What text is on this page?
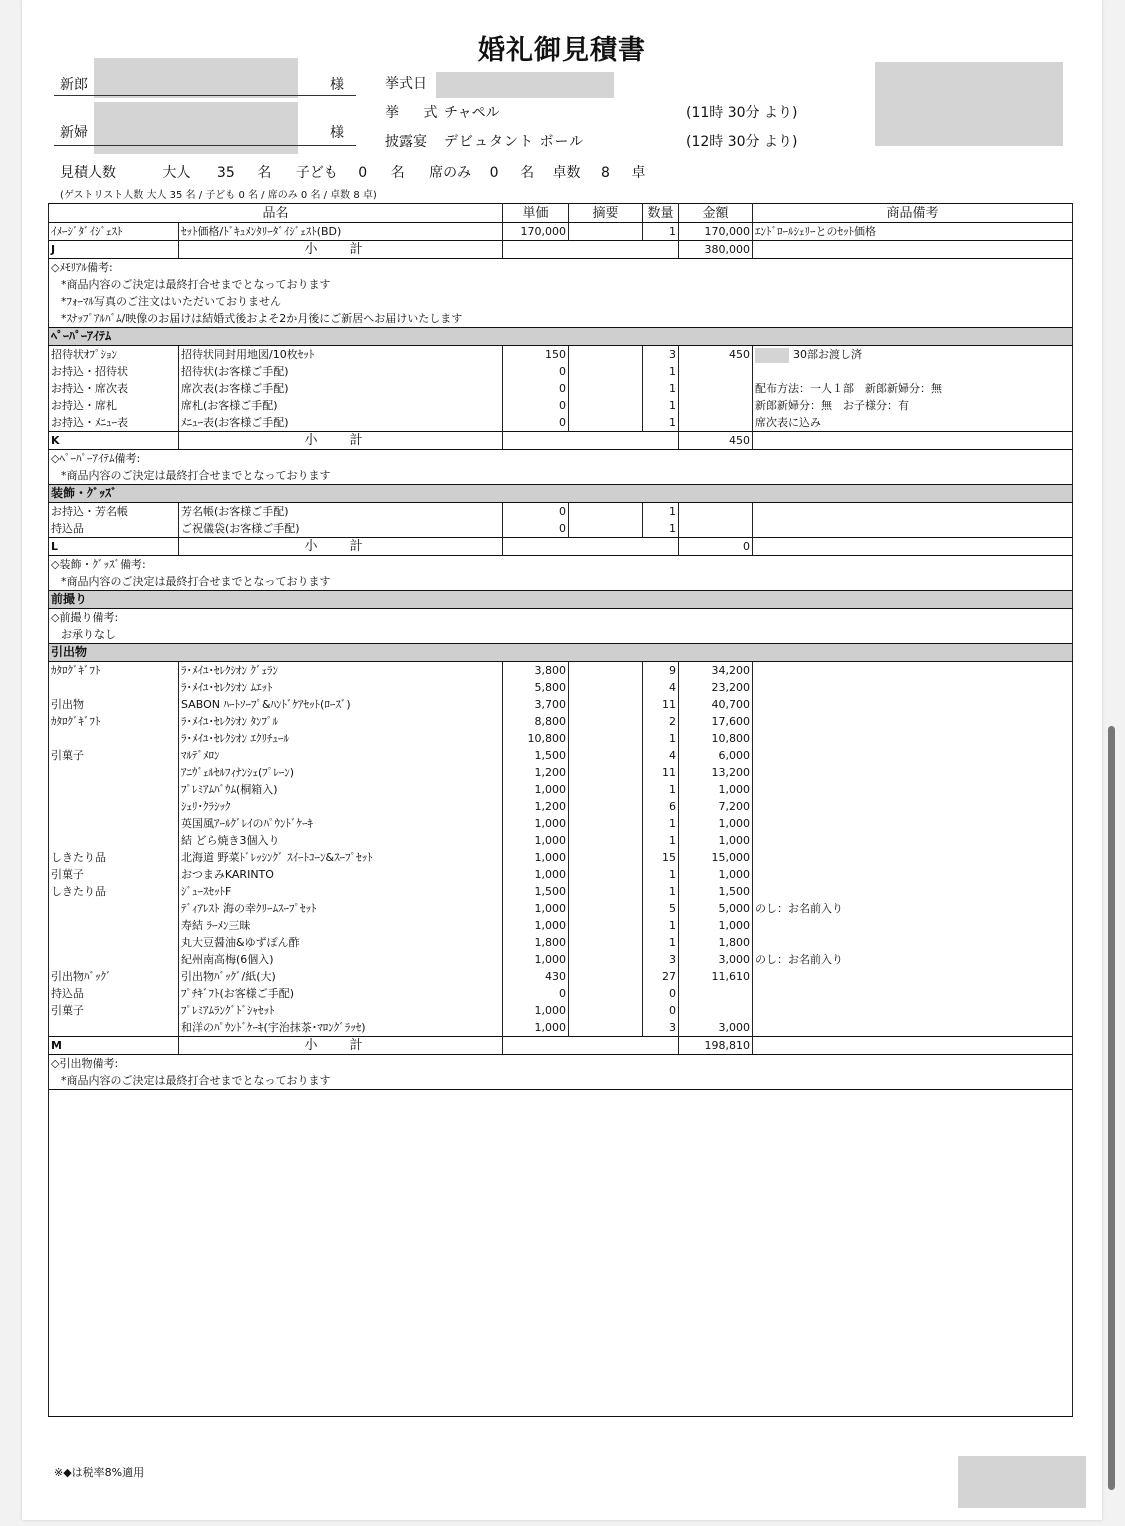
婚礼御見積書
新郎	様
新婦	様
挙式日
挙 式
チャペル	(11時 30分 より)
披露宴 デビュタント ボール	(12時 30分 より)
見積人数	大人 35 名 子ども 0 名 席のみ 0 名 卓数 8 卓
(ゲストリスト人数 大人 35 名 / 子ども 0 名 / 席のみ 0 名 / 卓数 8 卓)
品名		単価	摘要	数量	金額	商品備考
ｲﾒｰｼﾞﾀﾞｲｼﾞｪｽﾄ	ｾｯﾄ価格/ﾄﾞｷｭﾒﾝﾀﾘｰﾀﾞｲｼﾞｪｽﾄ(BD)	170,000		1	170,000	ｴﾝﾄﾞﾛｰﾙｼｪﾘｰとのｾｯﾄ価格
J	小 計				380,000	
◇ﾒﾓﾘｱﾙ備考:						
*商品内容のご決定は最終打合せまでとなっております						
*ﾌｫｰﾏﾙ写真のご注文はいただいておりません						
*ｽﾅｯﾌﾟｱﾙﾊﾞﾑ/映像のお届けは結婚式後およそ2か月後にご新居へお届けいたします						
ﾍﾟｰﾊﾟｰｱｲﾃﾑ						
招待状ｵﾌﾟｼｮﾝ	招待状同封用地図/10枚ｾｯﾄ	150		3	450	30部お渡し済
お持込・招待状	招待状(お客様ご手配)	0		1		
お持込・席次表	席次表(お客様ご手配)	0		1		配布方法：一人１部　新郎新婦分：無
お持込・席札	席札(お客様ご手配)	0		1		新郎新婦分：無　お子様分：有
お持込・ﾒﾆｭｰ表	ﾒﾆｭｰ表(お客様ご手配)	0		1		席次表に込み
K	小 計				450	
◇ﾍﾟｰﾊﾟｰｱｲﾃﾑ備考:						
*商品内容のご決定は最終打合せまでとなっております						
装飾・ｸﾞｯｽﾞ						
お持込・芳名帳	芳名帳(お客様ご手配)	0		1		
持込品	ご祝儀袋(お客様ご手配)	0		1		
L	小 計				0	
◇装飾・ｸﾞｯｽﾞ備考:						
*商品内容のご決定は最終打合せまでとなっております						
前撮り						
◇前撮り備考:						
お承りなし						
引出物						
ｶﾀﾛｸﾞｷﾞﾌﾄ	ﾗ･ﾒｲﾕ･ｾﾚｸｼｵﾝ ｸﾞｪﾗﾝ	3,800		9	34,200	
	ﾗ･ﾒｲﾕ･ｾﾚｸｼｵﾝ ﾑｴｯﾄ	5,800		4	23,200	
引出物	SABON ﾊｰﾄｿｰﾌﾟ&ﾊﾝﾄﾞｹｱｾｯﾄ(ﾛｰｽﾞ)	3,700		11	40,700	
ｶﾀﾛｸﾞｷﾞﾌﾄ	ﾗ･ﾒｲﾕ･ｾﾚｸｼｵﾝ ﾀﾝﾌﾟﾙ	8,800		2	17,600	
	ﾗ･ﾒｲﾕ･ｾﾚｸｼｵﾝ ｴｸﾘﾁｭｰﾙ	10,800		1	10,800	
引菓子	ﾏﾙﾃﾞﾒﾛﾝ	1,500		4	6,000	
	ｱﾆｳﾞｪﾙｾﾙﾌｨﾅﾝｼｪ(ﾌﾟﾚｰﾝ)	1,200		11	13,200	
	ﾌﾟﾚﾐｱﾑﾊﾞｳﾑ(桐箱入)	1,000		1	1,000	
	ｼｪﾘ･ｸﾗｼｯｸ	1,200		6	7,200	
	英国風ｱｰﾙｸﾞﾚｲのﾊﾟｳﾝﾄﾞｹｰｷ	1,000		1	1,000	
	結 どら焼き3個入り	1,000		1	1,000	
しきたり品	北海道 野菜ﾄﾞﾚｯｼﾝｸﾞ ｽｲｰﾄｺｰﾝ&ｽｰﾌﾟｾｯﾄ	1,000		15	15,000	
引菓子	おつまみKARINTO	1,000		1	1,000	
しきたり品	ｼﾞｭｰｽｾｯﾄF	1,500		1	1,500	
	ﾃﾞｨｱﾚｽﾄ 海の幸ｸﾘｰﾑｽｰﾌﾟｾｯﾄ	1,000		5	5,000	のし：お名前入り
	寿結 ﾗｰﾒﾝ三昧	1,000		1	1,000	
	丸大豆醤油&ゆずぽん酢	1,800		1	1,800	
	紀州南高梅(6個入)	1,000		3	3,000	のし：お名前入り
引出物ﾊﾞｯｸﾞ	引出物ﾊﾞｯｸﾞ/紙(大)	430		27	11,610	
持込品	ﾌﾟﾁｷﾞﾌﾄ(お客様ご手配)	0		0		
引菓子	ﾌﾟﾚﾐｱﾑﾗﾝｸﾞﾄﾞｼｬｾｯﾄ	1,000		0		
	和洋のﾊﾟｳﾝﾄﾞｹｰｷ(宇治抹茶･ﾏﾛﾝｸﾞﾗｯｾ)	1,000		3	3,000	
M	小 計				198,810	
◇引出物備考:						
*商品内容のご決定は最終打合せまでとなっております						

※◆は税率8%適用
